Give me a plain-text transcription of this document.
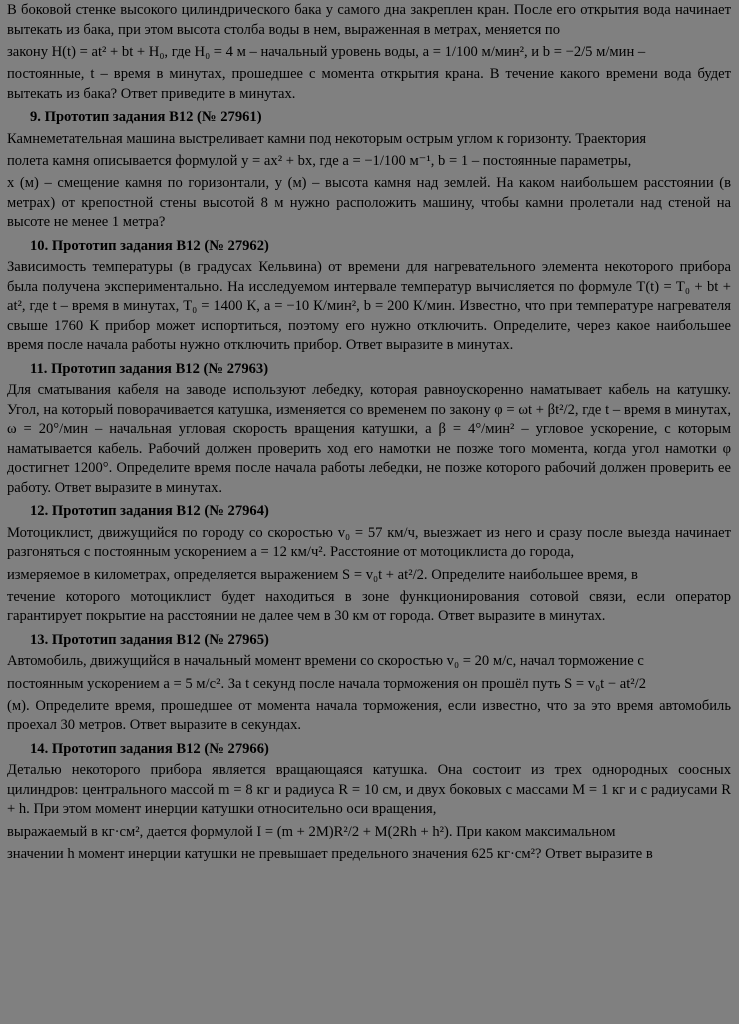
В боковой стенке высокого цилиндрического бака у самого дна закреплен кран. После его открытия вода начинает вытекать из бака, при этом высота столба воды в нем, выраженная в метрах, меняется по

закону H(t) = at² + bt + H₀, где H₀ = 4 м – начальный уровень воды, a = 1/100 м/мин², и b = −2/5 м/мин –

постоянные, t – время в минутах, прошедшее с момента открытия крана. В течение какого времени вода будет вытекать из бака? Ответ приведите в минутах.

9. Прототип задания B12 (№ 27961)

Камнеметательная машина выстреливает камни под некоторым острым углом к горизонту. Траектория

полета камня описывается формулой y = ax² + bx, где a = −1/100 м⁻¹, b = 1 – постоянные параметры,

x (м) – смещение камня по горизонтали, y (м) – высота камня над землей. На каком наибольшем расстоянии (в метрах) от крепостной стены высотой 8 м нужно расположить машину, чтобы камни пролетали над стеной на высоте не менее 1 метра?

10. Прототип задания B12 (№ 27962)

Зависимость температуры (в градусах Кельвина) от времени для нагревательного элемента некоторого прибора была получена экспериментально. На исследуемом интервале температур вычисляется по формуле T(t) = T₀ + bt + at², где t – время в минутах, T₀ = 1400 К, a = −10 К/мин², b = 200 К/мин. Известно, что при температуре нагревателя свыше 1760 К прибор может испортиться, поэтому его нужно отключить. Определите, через какое наибольшее время после начала работы нужно отключить прибор. Ответ выразите в минутах.

11. Прототип задания B12 (№ 27963)

Для сматывания кабеля на заводе используют лебедку, которая равноускоренно наматывает кабель на катушку. Угол, на который поворачивается катушка, изменяется со временем по закону φ = ωt + βt²/2, где t – время в минутах, ω = 20°/мин – начальная угловая скорость вращения катушки, а β = 4°/мин² – угловое ускорение, с которым наматывается кабель. Рабочий должен проверить ход его намотки не позже того момента, когда угол намотки φ достигнет 1200°. Определите время после начала работы лебедки, не позже которого рабочий должен проверить ее работу. Ответ выразите в минутах.

12. Прототип задания B12 (№ 27964)

Мотоциклист, движущийся по городу со скоростью v₀ = 57 км/ч, выезжает из него и сразу после выезда начинает разгоняться с постоянным ускорением a = 12 км/ч². Расстояние от мотоциклиста до города,

измеряемое в километрах, определяется выражением S = v₀t + at²/2. Определите наибольшее время, в

течение которого мотоциклист будет находиться в зоне функционирования сотовой связи, если оператор гарантирует покрытие на расстоянии не далее чем в 30 км от города. Ответ выразите в минутах.

13. Прототип задания B12 (№ 27965)

Автомобиль, движущийся в начальный момент времени со скоростью v₀ = 20 м/с, начал торможение с

постоянным ускорением a = 5 м/с². За t секунд после начала торможения он прошёл путь S = v₀t − at²/2

(м). Определите время, прошедшее от момента начала торможения, если известно, что за это время автомобиль проехал 30 метров. Ответ выразите в секундах.

14. Прототип задания B12 (№ 27966)

Деталью некоторого прибора является вращающаяся катушка. Она состоит из трех однородных соосных цилиндров: центрального массой m = 8 кг и радиуса R = 10 см, и двух боковых с массами M = 1 кг и с радиусами R + h. При этом момент инерции катушки относительно оси вращения,

выражаемый в кг·см², дается формулой I = (m + 2M)R²/2 + M(2Rh + h²). При каком максимальном

значении h момент инерции катушки не превышает предельного значения 625 кг·см²? Ответ выразите в
